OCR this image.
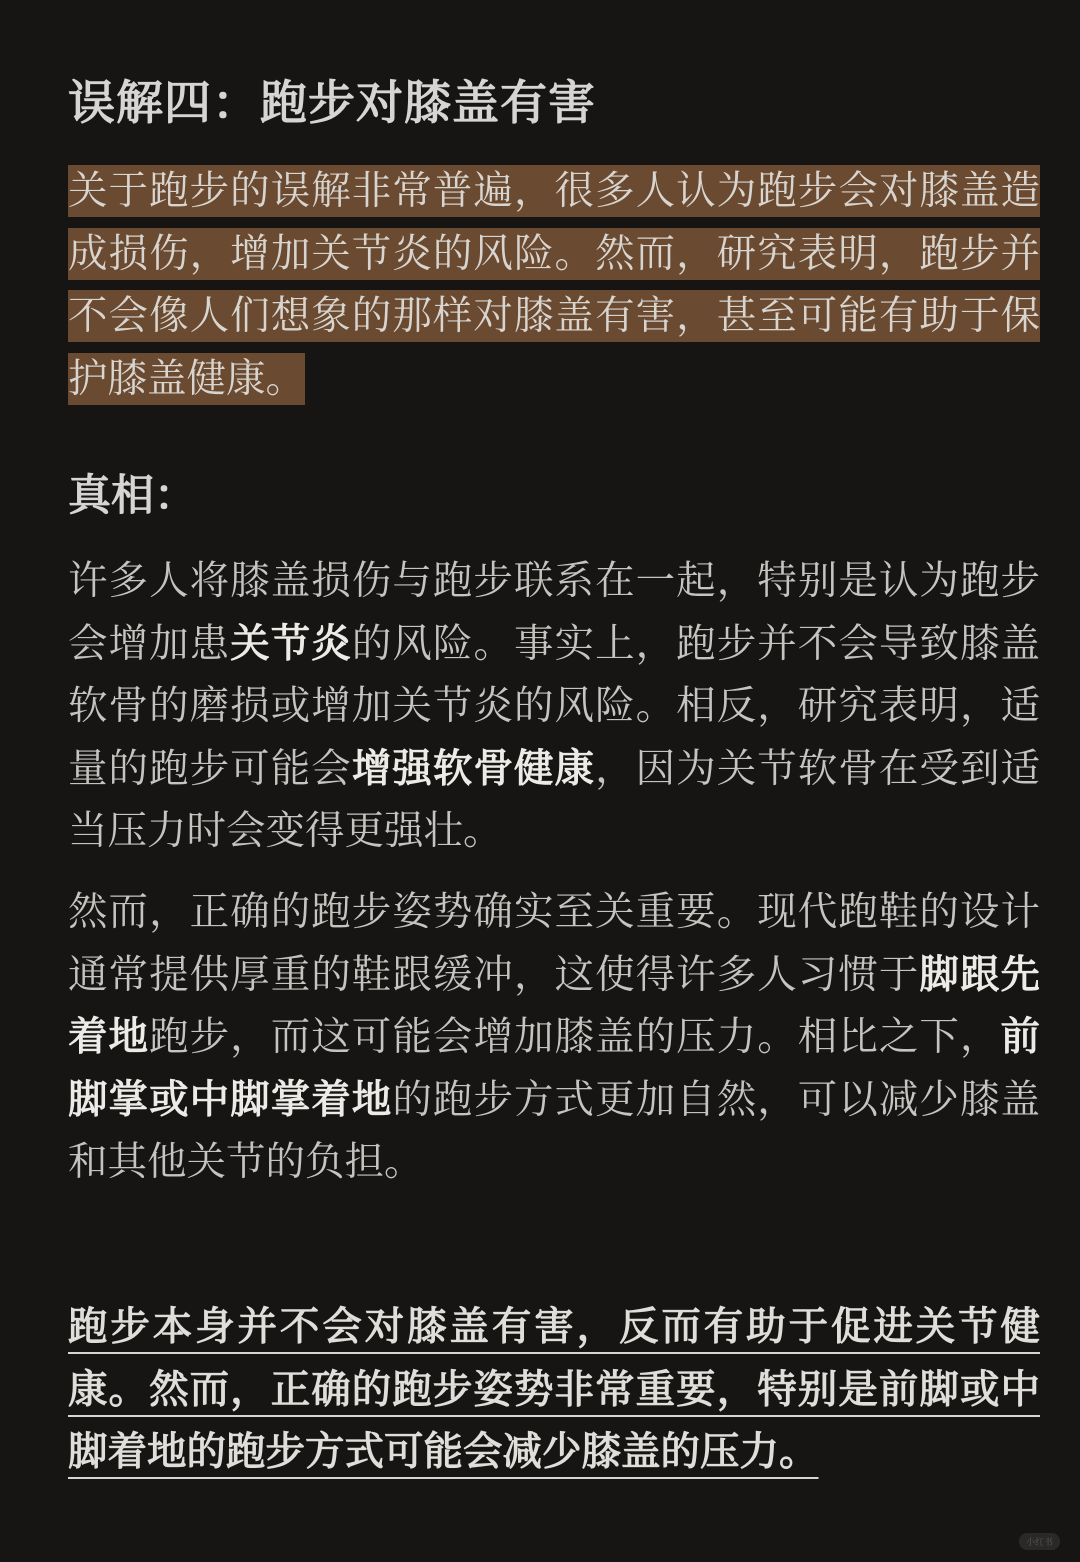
误解四：跑步对膝盖有害
关于跑步的误解非常普遍，很多人认为跑步会对膝盖造成损伤，增加关节炎的风险。然而，研究表明，跑步并不会像人们想象的那样对膝盖有害，甚至可能有助于保护膝盖健康。
真相：
许多人将膝盖损伤与跑步联系在一起，特别是认为跑步会增加患关节炎的风险。事实上，跑步并不会导致膝盖软骨的磨损或增加关节炎的风险。相反，研究表明，适量的跑步可能会增强软骨健康，因为关节软骨在受到适当压力时会变得更强壮。
然而，正确的跑步姿势确实至关重要。现代跑鞋的设计通常提供厚重的鞋跟缓冲，这使得许多人习惯于脚跟先着地跑步，而这可能会增加膝盖的压力。相比之下，前脚掌或中脚掌着地的跑步方式更加自然，可以减少膝盖和其他关节的负担。
跑步本身并不会对膝盖有害，反而有助于促进关节健康。然而，正确的跑步姿势非常重要，特别是前脚或中脚着地的跑步方式可能会减少膝盖的压力。
小红书
